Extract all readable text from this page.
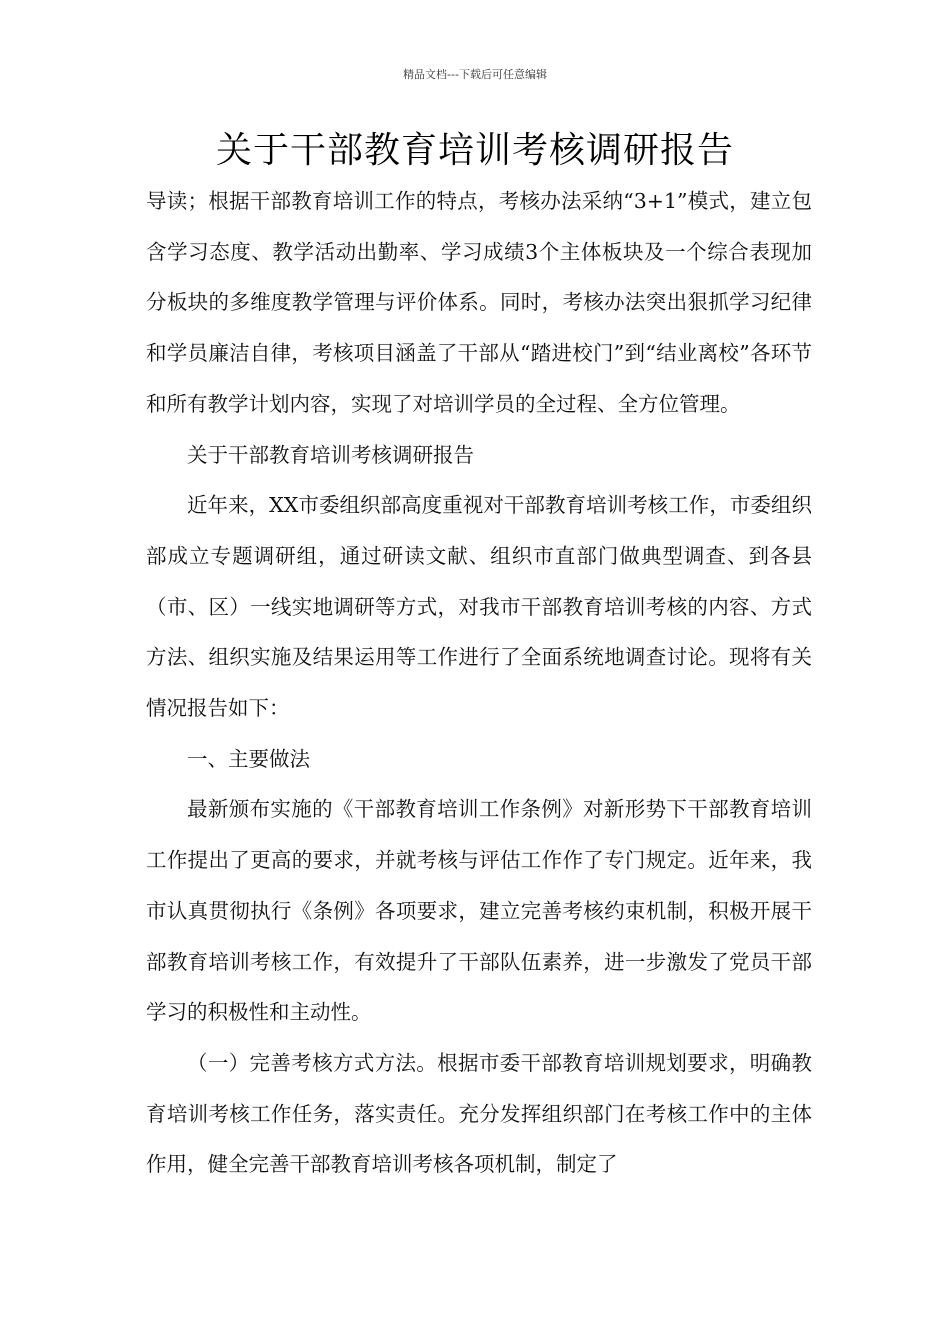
精品文档---下载后可任意编辑
关于干部教育培训考核调研报告

导读；根据干部教育培训工作的特点，考核办法采纳“3+1”模式，建立包含学习态度、教学活动出勤率、学习成绩3个主体板块及一个综合表现加分板块的多维度教学管理与评价体系。同时，考核办法突出狠抓学习纪律和学员廉洁自律，考核项目涵盖了干部从“踏进校门”到“结业离校”各环节和所有教学计划内容，实现了对培训学员的全过程、全方位管理。

关于干部教育培训考核调研报告

近年来，XX市委组织部高度重视对干部教育培训考核工作，市委组织部成立专题调研组，通过研读文献、组织市直部门做典型调查、到各县（市、区）一线实地调研等方式，对我市干部教育培训考核的内容、方式方法、组织实施及结果运用等工作进行了全面系统地调查讨论。现将有关情况报告如下：

一、主要做法

最新颁布实施的《干部教育培训工作条例》对新形势下干部教育培训工作提出了更高的要求，并就考核与评估工作作了专门规定。近年来，我市认真贯彻执行《条例》各项要求，建立完善考核约束机制，积极开展干部教育培训考核工作，有效提升了干部队伍素养，进一步激发了党员干部学习的积极性和主动性。

（一）完善考核方式方法。根据市委干部教育培训规划要求，明确教育培训考核工作任务，落实责任。充分发挥组织部门在考核工作中的主体作用，健全完善干部教育培训考核各项机制，制定了
